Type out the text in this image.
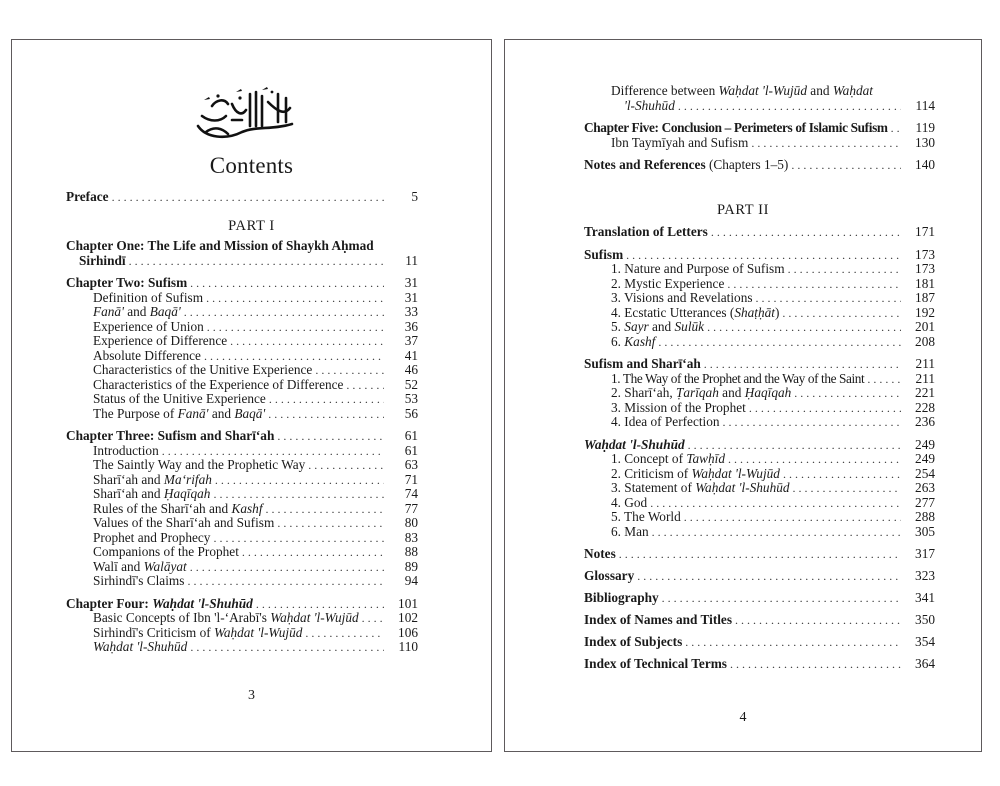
Contents
Preface . . .	5
PART I
Chapter One: The Life and Mission of Shaykh Aḥmad
Sirhindī . . .	11
Chapter Two: Sufism . . .	31
Definition of Sufism . . .	31
Fanā' and Baqā' . . .	33
Experience of Union . . .	36
Experience of Difference . . .	37
Absolute Difference . . .	41
Characteristics of the Unitive Experience . . .	46
Characteristics of the Experience of Difference . . .	52
Status of the Unitive Experience . . .	53
The Purpose of Fanā' and Baqā' . . .	56
Chapter Three: Sufism and Sharī‘ah . . .	61
Introduction . . .	61
The Saintly Way and the Prophetic Way . . .	63
Sharī‘ah and Ma‘rifah . . .	71
Sharī‘ah and Ḥaqīqah . . .	74
Rules of the Sharī‘ah and Kashf . . .	77
Values of the Sharī‘ah and Sufism . . .	80
Prophet and Prophecy . . .	83
Companions of the Prophet . . .	88
Walī and Walāyat . . .	89
Sirhindī's Claims . . .	94
Chapter Four: Waḥdat 'l-Shuhūd . . .	101
Basic Concepts of Ibn 'l-‘Arabī's Waḥdat 'l-Wujūd . . .	102
Sirhindī's Criticism of Waḥdat 'l-Wujūd . . .	106
Waḥdat 'l-Shuhūd . . .	110
3
Difference between Waḥdat 'l-Wujūd and Waḥdat
'l-Shuhūd . . .	114
Chapter Five: Conclusion – Perimeters of Islamic Sufism . . .	119
Ibn Taymīyah and Sufism . . .	130
Notes and References (Chapters 1–5) . . .	140
PART II
Translation of Letters . . .	171
Sufism . . .	173
1. Nature and Purpose of Sufism . . .	173
2. Mystic Experience . . .	181
3. Visions and Revelations . . .	187
4. Ecstatic Utterances (Shaṭḥāt) . . .	192
5. Sayr and Sulūk . . .	201
6. Kashf . . .	208
Sufism and Sharī‘ah . . .	211
1. The Way of the Prophet and the Way of the Saint . . .	211
2. Sharī‘ah, Ṭarīqah and Ḥaqīqah . . .	221
3. Mission of the Prophet . . .	228
4. Idea of Perfection . . .	236
Waḥdat 'l-Shuhūd . . .	249
1. Concept of Tawḥīd . . .	249
2. Criticism of Waḥdat 'l-Wujūd . . .	254
3. Statement of Waḥdat 'l-Shuhūd . . .	263
4. God . . .	277
5. The World . . .	288
6. Man . . .	305
Notes . . .	317
Glossary . . .	323
Bibliography . . .	341
Index of Names and Titles . . .	350
Index of Subjects . . .	354
Index of Technical Terms . . .	364
4
